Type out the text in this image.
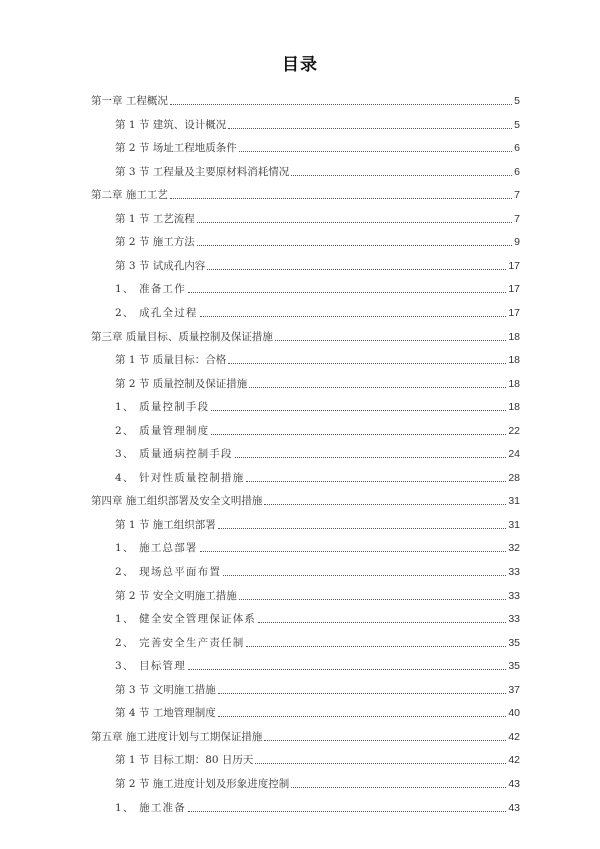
目录
第一章 工程概况	5
第 1 节 建筑、设计概况	5
第 2 节 场址工程地质条件	6
第 3 节 工程量及主要原材料消耗情况	6
第二章 施工工艺	7
第 1 节 工艺流程	7
第 2 节 施工方法	9
第 3 节 试成孔内容	17
1、 准备工作	17
2、 成孔全过程	17
第三章 质量目标、质量控制及保证措施	18
第 1 节 质量目标：合格	18
第 2 节 质量控制及保证措施	18
1、 质量控制手段	18
2、 质量管理制度	22
3、 质量通病控制手段	24
4、 针对性质量控制措施	28
第四章 施工组织部署及安全文明措施	31
第 1 节 施工组织部署	31
1、 施工总部署	32
2、 现场总平面布置	33
第 2 节 安全文明施工措施	33
1、 健全安全管理保证体系	33
2、 完善安全生产责任制	35
3、 目标管理	35
第 3 节 文明施工措施	37
第 4 节 工地管理制度	40
第五章 施工进度计划与工期保证措施	42
第 1 节 目标工期：80 日历天	42
第 2 节 施工进度计划及形象进度控制	43
1、 施工准备	43
